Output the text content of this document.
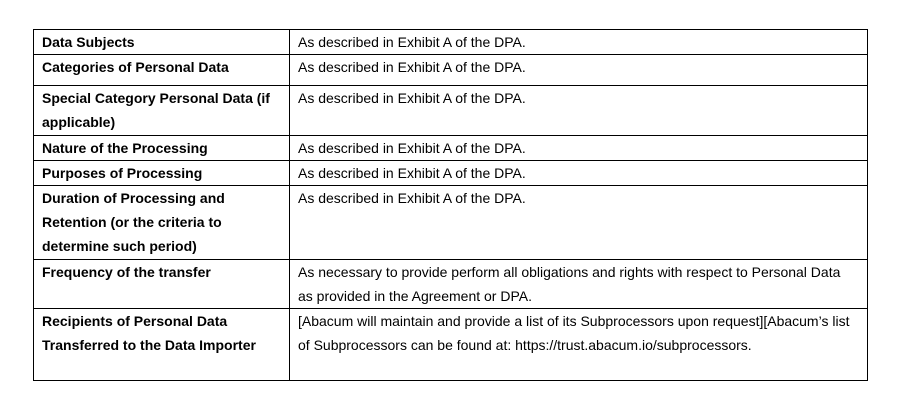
Data Subjects	As described in Exhibit A of the DPA.
Categories of Personal Data	As described in Exhibit A of the DPA.
Special Category Personal Data (if applicable)	As described in Exhibit A of the DPA.
Nature of the Processing	As described in Exhibit A of the DPA.
Purposes of Processing	As described in Exhibit A of the DPA.
Duration of Processing and Retention (or the criteria to determine such period)	As described in Exhibit A of the DPA.
Frequency of the transfer	As necessary to provide perform all obligations and rights with respect to Personal Data as provided in the Agreement or DPA.
Recipients of Personal Data Transferred to the Data Importer	[Abacum will maintain and provide a list of its Subprocessors upon request][Abacum’s list of Subprocessors can be found at: https://trust.abacum.io/subprocessors.
